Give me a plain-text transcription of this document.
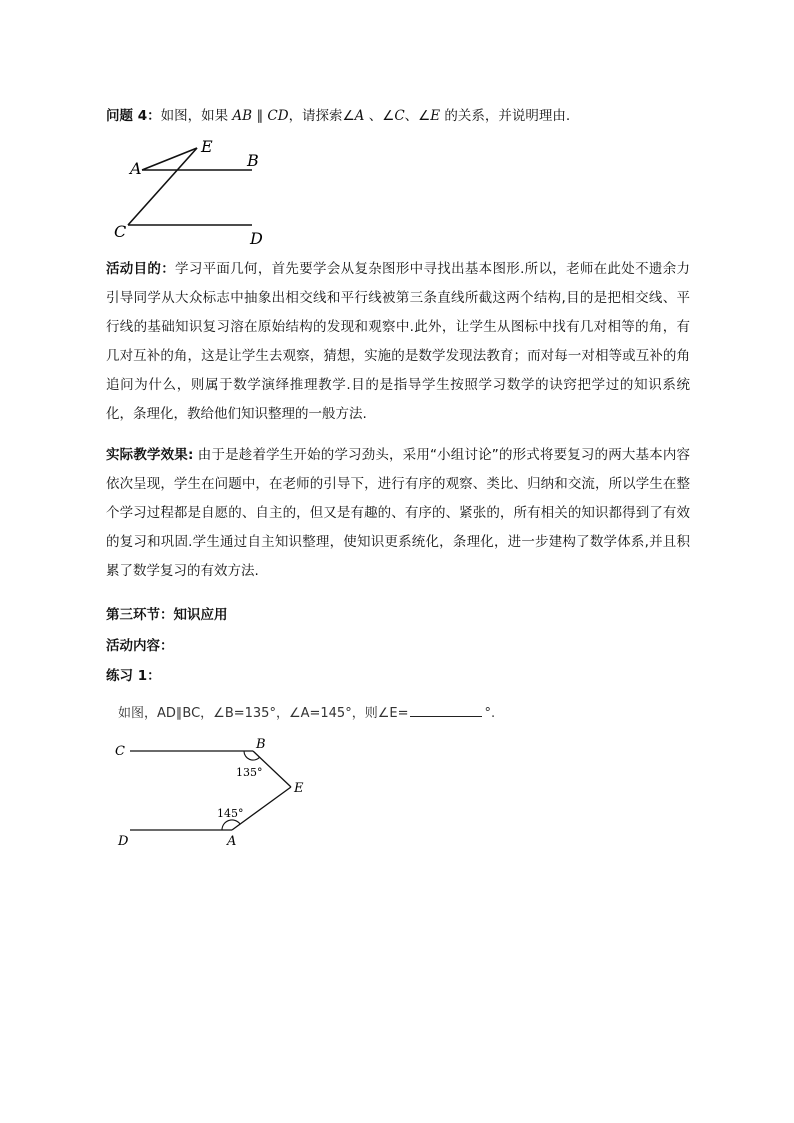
问题 4：如图，如果 AB ∥ CD，请探索∠A 、∠C、∠E 的关系，并说明理由.
E
A	B
C	D
活动目的：学习平面几何，首先要学会从复杂图形中寻找出基本图形.所以，老师在此处不遗余力引导同学从大众标志中抽象出相交线和平行线被第三条直线所截这两个结构,目的是把相交线、平行线的基础知识复习溶在原始结构的发现和观察中.此外，让学生从图标中找有几对相等的角，有几对互补的角，这是让学生去观察，猜想，实施的是数学发现法教育；而对每一对相等或互补的角追问为什么，则属于数学演绎推理教学.目的是指导学生按照学习数学的诀窍把学过的知识系统化，条理化，教给他们知识整理的一般方法.
实际教学效果: 由于是趁着学生开始的学习劲头，采用“小组讨论”的形式将要复习的两大基本内容依次呈现，学生在问题中，在老师的引导下，进行有序的观察、类比、归纳和交流，所以学生在整个学习过程都是自愿的、自主的，但又是有趣的、有序的、紧张的，所有相关的知识都得到了有效的复习和巩固.学生通过自主知识整理，使知识更系统化，条理化，进一步建构了数学体系,并且积累了数学复习的有效方法.
第三环节：知识应用
活动内容：
练习 1：
如图，AD∥BC，∠B=135°，∠A=145°，则∠E=	°.
C	B
E
D	A
135°
145°
